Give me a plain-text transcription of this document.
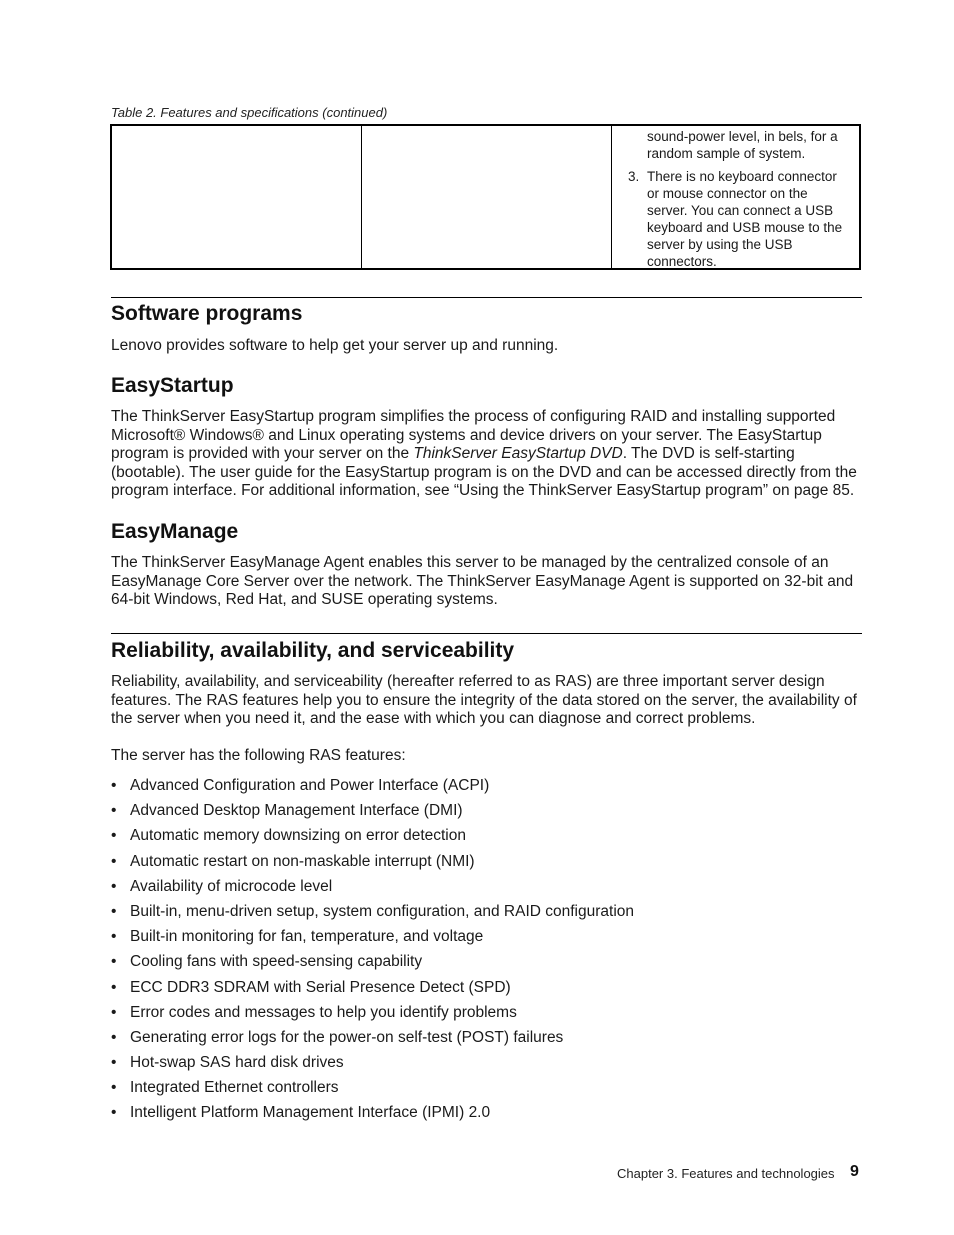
Table 2. Features and specifications (continued)
sound-power level, in bels, for a random sample of system.
3. There is no keyboard connector or mouse connector on the server. You can connect a USB keyboard and USB mouse to the server by using the USB connectors.
Software programs
Lenovo provides software to help get your server up and running.
EasyStartup
The ThinkServer EasyStartup program simplifies the process of configuring RAID and installing supported Microsoft® Windows® and Linux operating systems and device drivers on your server. The EasyStartup program is provided with your server on the ThinkServer EasyStartup DVD. The DVD is self-starting (bootable). The user guide for the EasyStartup program is on the DVD and can be accessed directly from the program interface. For additional information, see “Using the ThinkServer EasyStartup program” on page 85.
EasyManage
The ThinkServer EasyManage Agent enables this server to be managed by the centralized console of an EasyManage Core Server over the network. The ThinkServer EasyManage Agent is supported on 32-bit and 64-bit Windows, Red Hat, and SUSE operating systems.
Reliability, availability, and serviceability
Reliability, availability, and serviceability (hereafter referred to as RAS) are three important server design features. The RAS features help you to ensure the integrity of the data stored on the server, the availability of the server when you need it, and the ease with which you can diagnose and correct problems.
The server has the following RAS features:
• Advanced Configuration and Power Interface (ACPI)
• Advanced Desktop Management Interface (DMI)
• Automatic memory downsizing on error detection
• Automatic restart on non-maskable interrupt (NMI)
• Availability of microcode level
• Built-in, menu-driven setup, system configuration, and RAID configuration
• Built-in monitoring for fan, temperature, and voltage
• Cooling fans with speed-sensing capability
• ECC DDR3 SDRAM with Serial Presence Detect (SPD)
• Error codes and messages to help you identify problems
• Generating error logs for the power-on self-test (POST) failures
• Hot-swap SAS hard disk drives
• Integrated Ethernet controllers
• Intelligent Platform Management Interface (IPMI) 2.0
Chapter 3. Features and technologies 9
